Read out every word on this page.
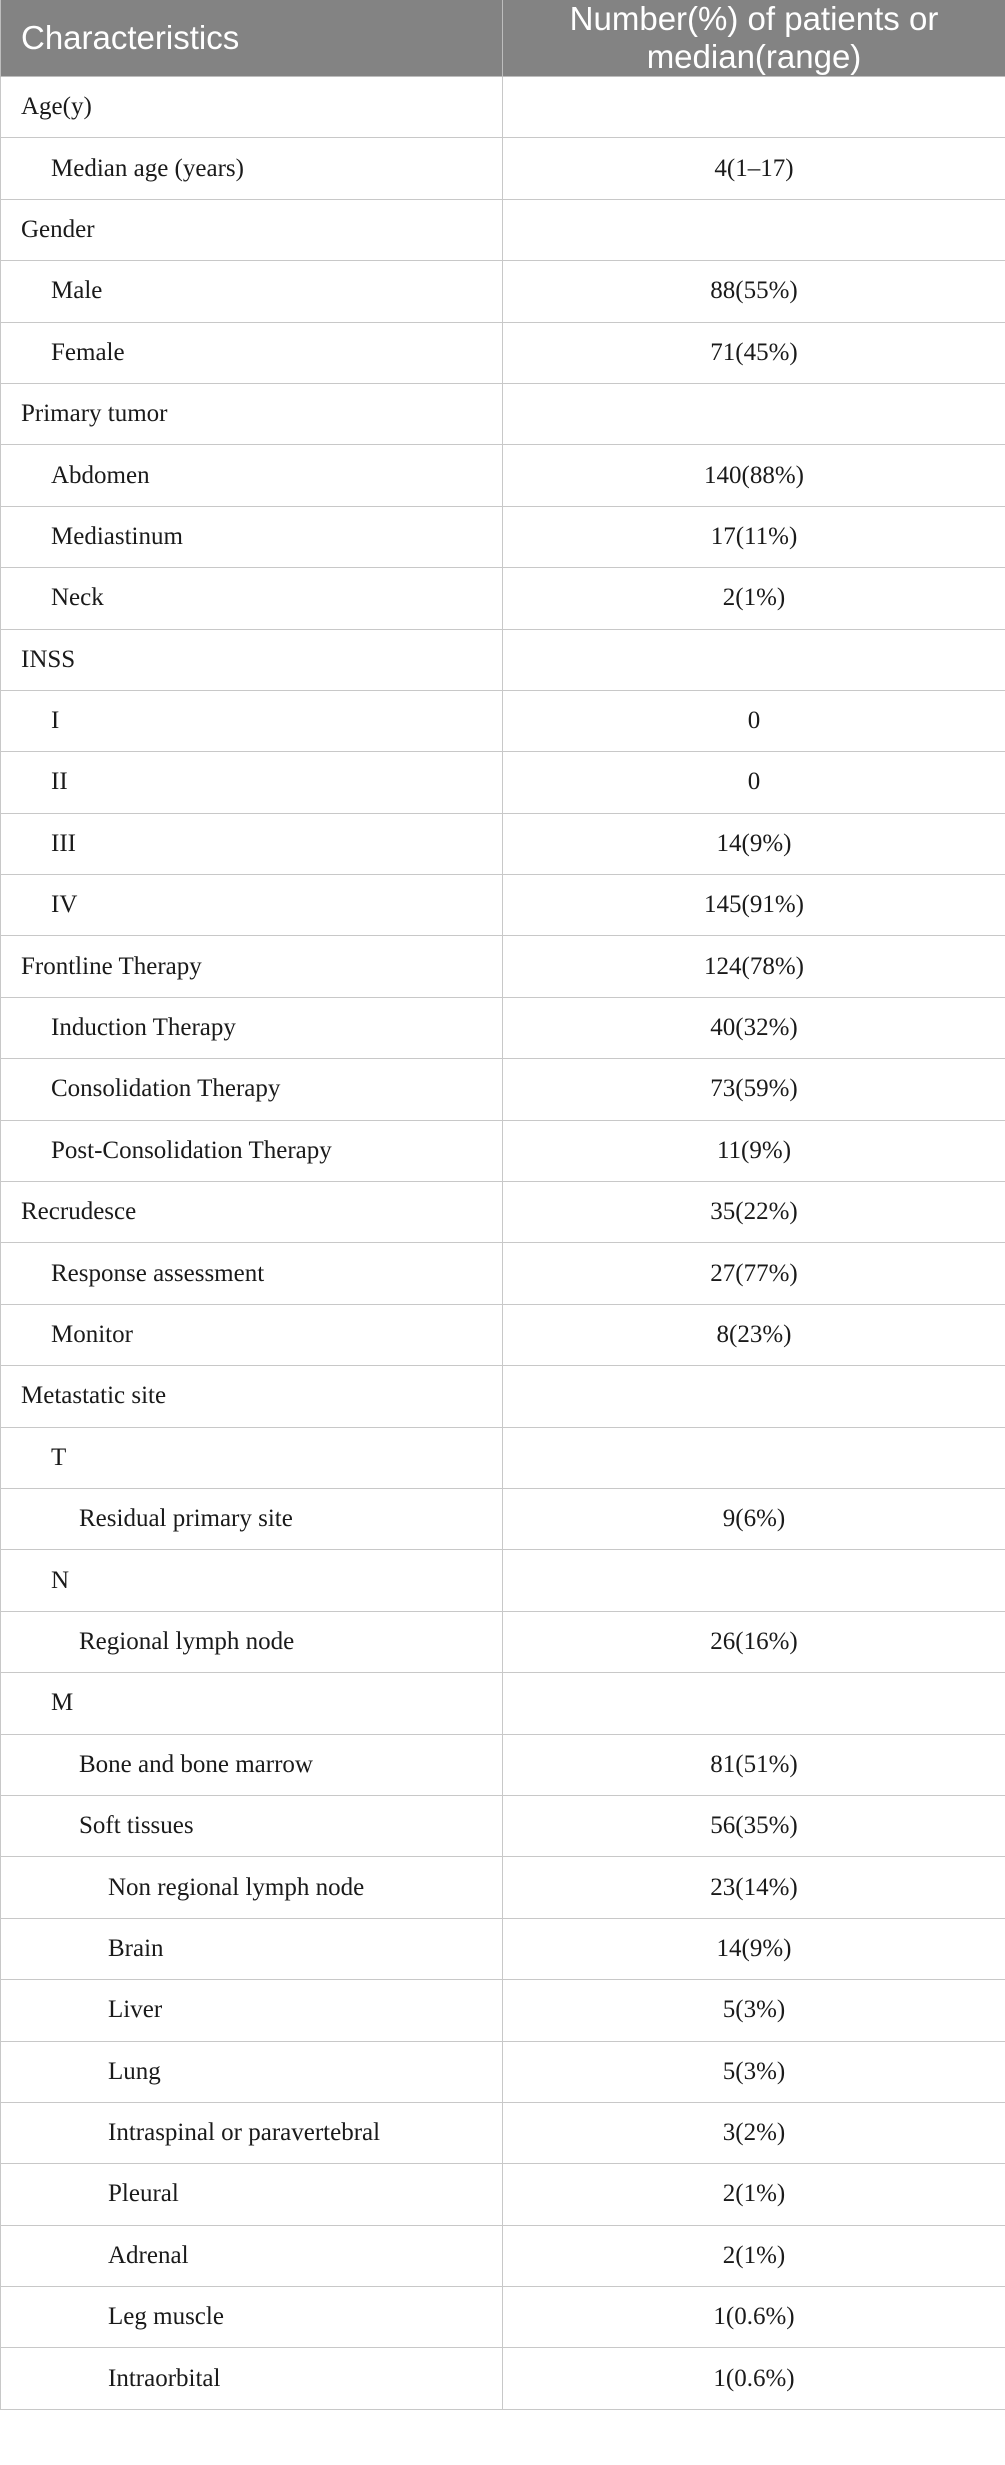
Characteristics	Number(%) of patients or median(range)
Age(y)	
Median age (years)	4(1–17)
Gender	
Male	88(55%)
Female	71(45%)
Primary tumor	
Abdomen	140(88%)
Mediastinum	17(11%)
Neck	2(1%)
INSS	
I	0
II	0
III	14(9%)
IV	145(91%)
Frontline Therapy	124(78%)
Induction Therapy	40(32%)
Consolidation Therapy	73(59%)
Post-Consolidation Therapy	11(9%)
Recrudesce	35(22%)
Response assessment	27(77%)
Monitor	8(23%)
Metastatic site	
T	
Residual primary site	9(6%)
N	
Regional lymph node	26(16%)
M	
Bone and bone marrow	81(51%)
Soft tissues	56(35%)
Non regional lymph node	23(14%)
Brain	14(9%)
Liver	5(3%)
Lung	5(3%)
Intraspinal or paravertebral	3(2%)
Pleural	2(1%)
Adrenal	2(1%)
Leg muscle	1(0.6%)
Intraorbital	1(0.6%)
